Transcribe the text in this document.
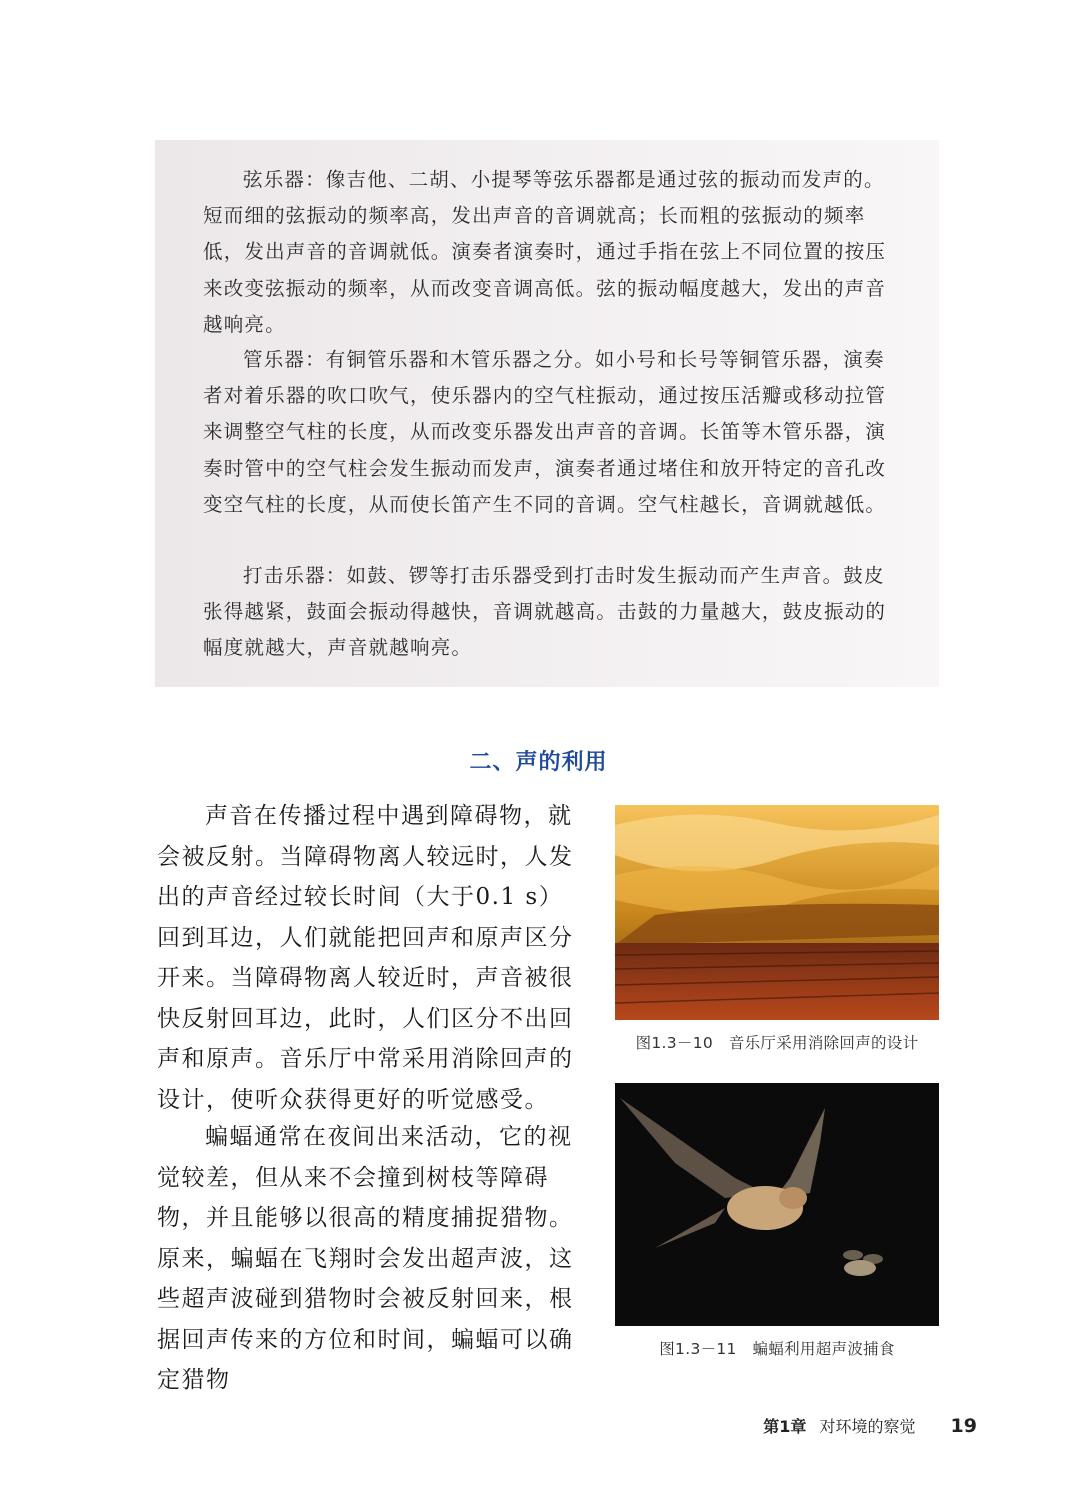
弦乐器：像吉他、二胡、小提琴等弦乐器都是通过弦的振动而发声的。短而细的弦振动的频率高，发出声音的音调就高；长而粗的弦振动的频率低，发出声音的音调就低。演奏者演奏时，通过手指在弦上不同位置的按压来改变弦振动的频率，从而改变音调高低。弦的振动幅度越大，发出的声音越响亮。

管乐器：有铜管乐器和木管乐器之分。如小号和长号等铜管乐器，演奏者对着乐器的吹口吹气，使乐器内的空气柱振动，通过按压活瓣或移动拉管来调整空气柱的长度，从而改变乐器发出声音的音调。长笛等木管乐器，演奏时管中的空气柱会发生振动而发声，演奏者通过堵住和放开特定的音孔改变空气柱的长度，从而使长笛产生不同的音调。空气柱越长，音调就越低。

打击乐器：如鼓、锣等打击乐器受到打击时发生振动而产生声音。鼓皮张得越紧，鼓面会振动得越快，音调就越高。击鼓的力量越大，鼓皮振动的幅度就越大，声音就越响亮。

二、声的利用

声音在传播过程中遇到障碍物，就会被反射。当障碍物离人较远时，人发出的声音经过较长时间（大于0.1 s）回到耳边，人们就能把回声和原声区分开来。当障碍物离人较近时，声音被很快反射回耳边，此时，人们区分不出回声和原声。音乐厅中常采用消除回声的设计，使听众获得更好的听觉感受。

蝙蝠通常在夜间出来活动，它的视觉较差，但从来不会撞到树枝等障碍物，并且能够以很高的精度捕捉猎物。原来，蝙蝠在飞翔时会发出超声波，这些超声波碰到猎物时会被反射回来，根据回声传来的方位和时间，蝙蝠可以确定猎物

图1.3－10　音乐厅采用消除回声的设计
图1.3－11　蝙蝠利用超声波捕食
第1章 对环境的察觉 19
